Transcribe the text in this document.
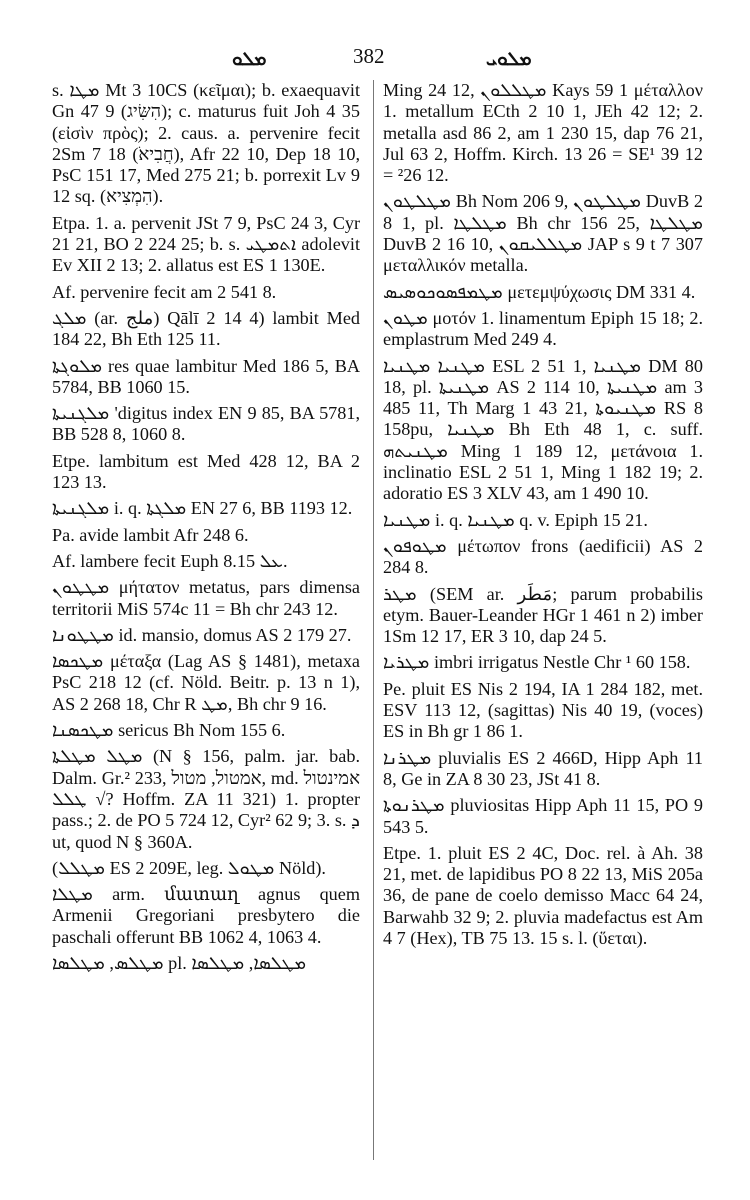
ܡܠܘ	382	ܡܠܘܝ

s. ܡܛܐ Mt 3 10CS (κεῖμαι); b. exaequavit Gn 47 9 (הִשִּׂיג); c. maturus fuit Joh 4 35 (εἰσὶν πρὸς); 2. caus. a. pervenire fecit 2Sm 7 18 (חֲבִיאֹ), Afr 22 10, Dep 18 10, PsC 151 17, Med 275 21; b. porrexit Lv 9 12 sq. (הִמְצִיא).

Etpa. 1. a. pervenit JSt 7 9, PsC 24 3, Cyr 21 21, BO 2 224 25; b. s. ܐܬܡܛܝ adolevit Ev XII 2 13; 2. allatus est ES 1 130E.

Af. pervenire fecit am 2 541 8.

ܡܠܓ (ar. ‎ﻣﻠﺞ) Qālī 2 14 4) lambit Med 184 22, Bh Eth 125 11.

ܡܠܘܓܬܐ res quae lambitur Med 186 5, BA 5784, BB 1060 15.

ܡܠܓܢܝܬܐ 'digitus index EN 9 85, BA 5781, BB 528 8, 1060 8.

Etpe. lambitum est Med 428 12, BA 2 123 13.

ܡܠܓܢܝܬܐ i. q. ܡܠܓܬܐ EN 27 6, BB 1193 12.

Pa. avide lambit Afr 248 6.

Af. lambere fecit Euph ܥܠ 8.15.

ܡܛܛܘܢ μήτατον metatus, pars dimensa territorii MiS 574c 11 = Bh chr 243 12.

ܡܛܛܘܢܐ id. mansio, domus AS 2 179 27.

ܡܛܟܣܐ μέταξα (Lag AS § 1481), metaxa PsC 218 12 (cf. Nöld. Beitr. p. 13 n 1), AS 2 268 18, Chr R ܡܛ, Bh chr 9 16.

ܡܛܟܣܢܐ sericus Bh Nom 155 6.

ܡܛܠ ܡܛܠܬܐ (N § 156, palm. jar. bab. Dalm. Gr.² 233, אמטול, מטול, md. אמינטול √ ܛܠܠ? Hoffm. ZA 11 321) 1. propter pass.; 2. de PO 5 724 12, Cyr² 62 9; 3. s. ܕ ut, quod N § 360A.

(ܡܛܠܠ ES 2 209E, leg. ܡܛܘܠ Nöld).

ܡܛܠܐ arm. մատաղ agnus quem Armenii Gregoriani presbytero die paschali offerunt BB 1062 4, 1063 4.

ܡܛܠܣ, ܡܛܠܣܐ pl. ܡܛܠܣܐ, ܡܛܠܣܐ

Ming 24 12, ܡܛܠܠܘܢ Kays 59 1 μέταλλον 1. metallum ECth 2 10 1, JEh 42 12; 2. metalla asd 86 2, am 1 230 15, dap 76 21, Jul 63 2, Hoffm. Kirch. 13 26 = SE¹ 39 12 = ²26 12.

ܡܛܠܛܘܢ Bh Nom 206 9, ܡܛܠܛܘܢ DuvB 2 8 1, pl. ܡܛܠܛܐ Bh chr 156 25, ܡܛܠܛܐ DuvB 2 16 10, ܡܛܠܠܝܩܘܢ JAP s 9 t 7 307 μεταλλικόν metalla.

ܡܛܡܦܣܘܟܘܣܝܣ μετεμψύχωσις DM 331 4.

ܡܛܘܢ μοτόν 1. linamentum Epiph 15 18; 2. emplastrum Med 249 4.

ܡܛܢܝܐ ܡܛܢܝܐ ESL 2 51 1, ܡܛܢܝܐ DM 80 18, pl. ܡܛܢܝܬܐ AS 2 114 10, ܡܛܢܝܬܐ am 3 485 11, Th Marg 1 43 21, ܡܛܢܝܘܬܐ RS 8 158pu, ܡܛܢܝܐ Bh Eth 48 1, c. suff. ܡܛܢܝܬܗ Ming 1 189 12, μετάνοια 1. inclinatio ESL 2 51 1, Ming 1 182 19; 2. adoratio ES 3 XLV 43, am 1 490 10.

ܡܛܢܝܐ i. q. ܡܛܢܝܐ q. v. Epiph 15 21.

ܡܛܘܦܘܢ μέτωπον frons (aedificii) AS 2 284 8.

ܡܛܪ (SEM ar. ﻣَﻄَﺮ; parum probabilis etym. Bauer-Leander HGr 1 461 n 2) imber 1Sm 12 17, ER 3 10, dap 24 5.

ܡܛܪܝܐ imbri irrigatus Nestle Chr ¹ 60 158.

Pe. pluit ES Nis 2 194, IA 1 284 182, met. ESV 113 12, (sagittas) Nis 40 19, (voces) ES in Bh gr 1 86 1.

ܡܛܪܢܐ pluvialis ES 2 466D, Hipp Aph 11 8, Ge in ZA 8 30 23, JSt 41 8.

ܡܛܪܢܘܬܐ pluviositas Hipp Aph 11 15, PO 9 543 5.

Etpe. 1. pluit ES 2 4C, Doc. rel. à Ah. 38 21, met. de lapidibus PO 8 22 13, MiS 205a 36, de pane de coelo demisso Macc 64 24, Barwahb 32 9; 2. pluvia madefactus est Am 4 7 (Hex), TB 75 13. 15 s. l. (ὕεται).
